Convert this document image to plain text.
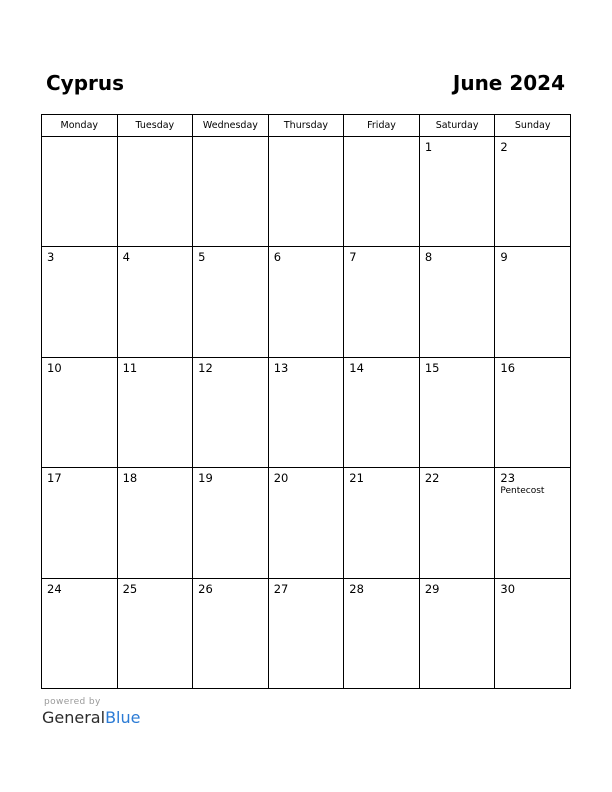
Cyprus	June 2024
Monday	Tuesday	Wednesday	Thursday	Friday	Saturday	Sunday

					1	2

3	4	5	6	7	8	9

10	11	12	13	14	15	16

17	18	19	20	21	22	23
Pentecost

24	25	26	27	28	29	30
powered by
GeneralBlue
